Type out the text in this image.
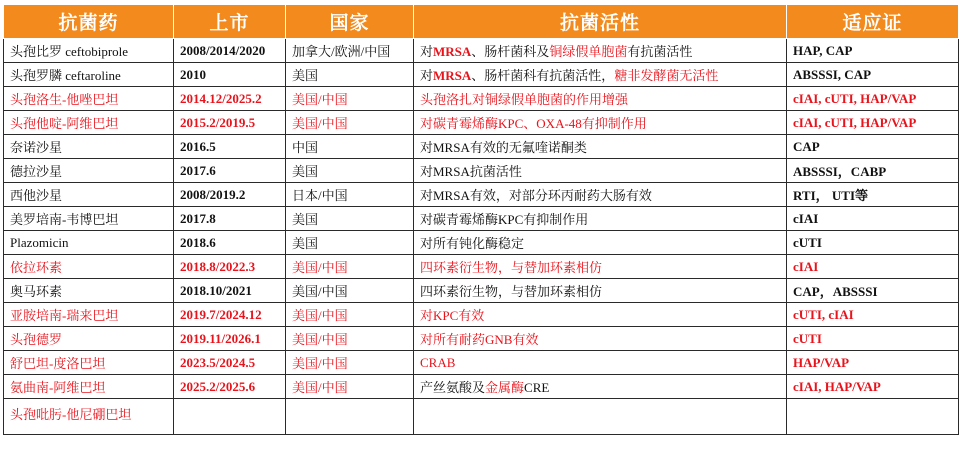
抗菌药	上市	国家	抗菌活性	适应证
头孢比罗 ceftobiprole	2008/2014/2020	加拿大/欧洲/中国	对MRSA、肠杆菌科及铜绿假单胞菌有抗菌活性	HAP, CAP
头孢罗膦 ceftaroline	2010	美国	对MRSA、肠杆菌科有抗菌活性，糖非发酵菌无活性	ABSSSI, CAP
头孢洛生-他唑巴坦	2014.12/2025.2	美国/中国	头孢洛扎对铜绿假单胞菌的作用增强	cIAI, cUTI, HAP/VAP
头孢他啶-阿维巴坦	2015.2/2019.5	美国/中国	对碳青霉烯酶KPC、OXA-48有抑制作用	cIAI, cUTI, HAP/VAP
奈诺沙星	2016.5	中国	对MRSA有效的无氟喹诺酮类	CAP
德拉沙星	2017.6	美国	对MRSA抗菌活性	ABSSSI，CABP
西他沙星	2008/2019.2	日本/中国	对MRSA有效，对部分环丙耐药大肠有效	RTI， UTI等
美罗培南-韦博巴坦	2017.8	美国	对碳青霉烯酶KPC有抑制作用	cIAI
Plazomicin	2018.6	美国	对所有钝化酶稳定	cUTI
依拉环素	2018.8/2022.3	美国/中国	四环素衍生物，与替加环素相仿	cIAI
奥马环素	2018.10/2021	美国/中国	四环素衍生物，与替加环素相仿	CAP，ABSSSI
亚胺培南-瑞来巴坦	2019.7/2024.12	美国/中国	对KPC有效	cUTI, cIAI
头孢德罗	2019.11/2026.1	美国/中国	对所有耐药GNB有效	cUTI
舒巴坦-度洛巴坦	2023.5/2024.5	美国/中国	CRAB	HAP/VAP
氨曲南-阿维巴坦	2025.2/2025.6	美国/中国	产丝氨酸及金属酶CRE	cIAI, HAP/VAP
头孢吡肟-他尼硼巴坦				
